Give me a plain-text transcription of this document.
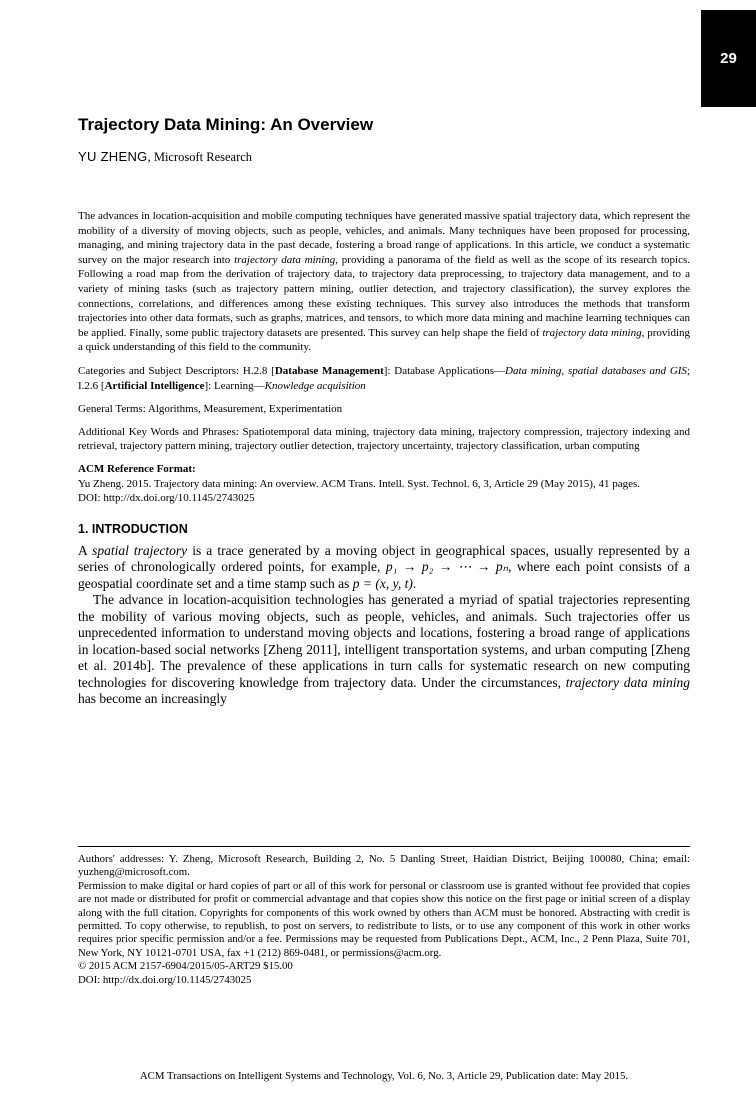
29
Trajectory Data Mining: An Overview
YU ZHENG, Microsoft Research

The advances in location-acquisition and mobile computing techniques have generated massive spatial trajectory data, which represent the mobility of a diversity of moving objects, such as people, vehicles, and animals. Many techniques have been proposed for processing, managing, and mining trajectory data in the past decade, fostering a broad range of applications. In this article, we conduct a systematic survey on the major research into trajectory data mining, providing a panorama of the field as well as the scope of its research topics. Following a road map from the derivation of trajectory data, to trajectory data preprocessing, to trajectory data management, and to a variety of mining tasks (such as trajectory pattern mining, outlier detection, and trajectory classification), the survey explores the connections, correlations, and differences among these existing techniques. This survey also introduces the methods that transform trajectories into other data formats, such as graphs, matrices, and tensors, to which more data mining and machine learning techniques can be applied. Finally, some public trajectory datasets are presented. This survey can help shape the field of trajectory data mining, providing a quick understanding of this field to the community.

Categories and Subject Descriptors: H.2.8 [Database Management]: Database Applications—Data mining, spatial databases and GIS; I.2.6 [Artificial Intelligence]: Learning—Knowledge acquisition

General Terms: Algorithms, Measurement, Experimentation

Additional Key Words and Phrases: Spatiotemporal data mining, trajectory data mining, trajectory compression, trajectory indexing and retrieval, trajectory pattern mining, trajectory outlier detection, trajectory uncertainty, trajectory classification, urban computing

ACM Reference Format:
Yu Zheng. 2015. Trajectory data mining: An overview. ACM Trans. Intell. Syst. Technol. 6, 3, Article 29 (May 2015), 41 pages.
DOI: http://dx.doi.org/10.1145/2743025
1. INTRODUCTION

A spatial trajectory is a trace generated by a moving object in geographical spaces, usually represented by a series of chronologically ordered points, for example, p₁ → p₂ → ⋯ → pₙ, where each point consists of a geospatial coordinate set and a time stamp such as p = (x, y, t).

The advance in location-acquisition technologies has generated a myriad of spatial trajectories representing the mobility of various moving objects, such as people, vehicles, and animals. Such trajectories offer us unprecedented information to understand moving objects and locations, fostering a broad range of applications in location-based social networks [Zheng 2011], intelligent transportation systems, and urban computing [Zheng et al. 2014b]. The prevalence of these applications in turn calls for systematic research on new computing technologies for discovering knowledge from trajectory data. Under the circumstances, trajectory data mining has become an increasingly

Authors' addresses: Y. Zheng, Microsoft Research, Building 2, No. 5 Danling Street, Haidian District, Beijing 100080, China; email: yuzheng@microsoft.com.

Permission to make digital or hard copies of part or all of this work for personal or classroom use is granted without fee provided that copies are not made or distributed for profit or commercial advantage and that copies show this notice on the first page or initial screen of a display along with the full citation. Copyrights for components of this work owned by others than ACM must be honored. Abstracting with credit is permitted. To copy otherwise, to republish, to post on servers, to redistribute to lists, or to use any component of this work in other works requires prior specific permission and/or a fee. Permissions may be requested from Publications Dept., ACM, Inc., 2 Penn Plaza, Suite 701, New York, NY 10121-0701 USA, fax +1 (212) 869-0481, or permissions@acm.org.

© 2015 ACM 2157-6904/2015/05-ART29 $15.00

DOI: http://dx.doi.org/10.1145/2743025

ACM Transactions on Intelligent Systems and Technology, Vol. 6, No. 3, Article 29, Publication date: May 2015.
